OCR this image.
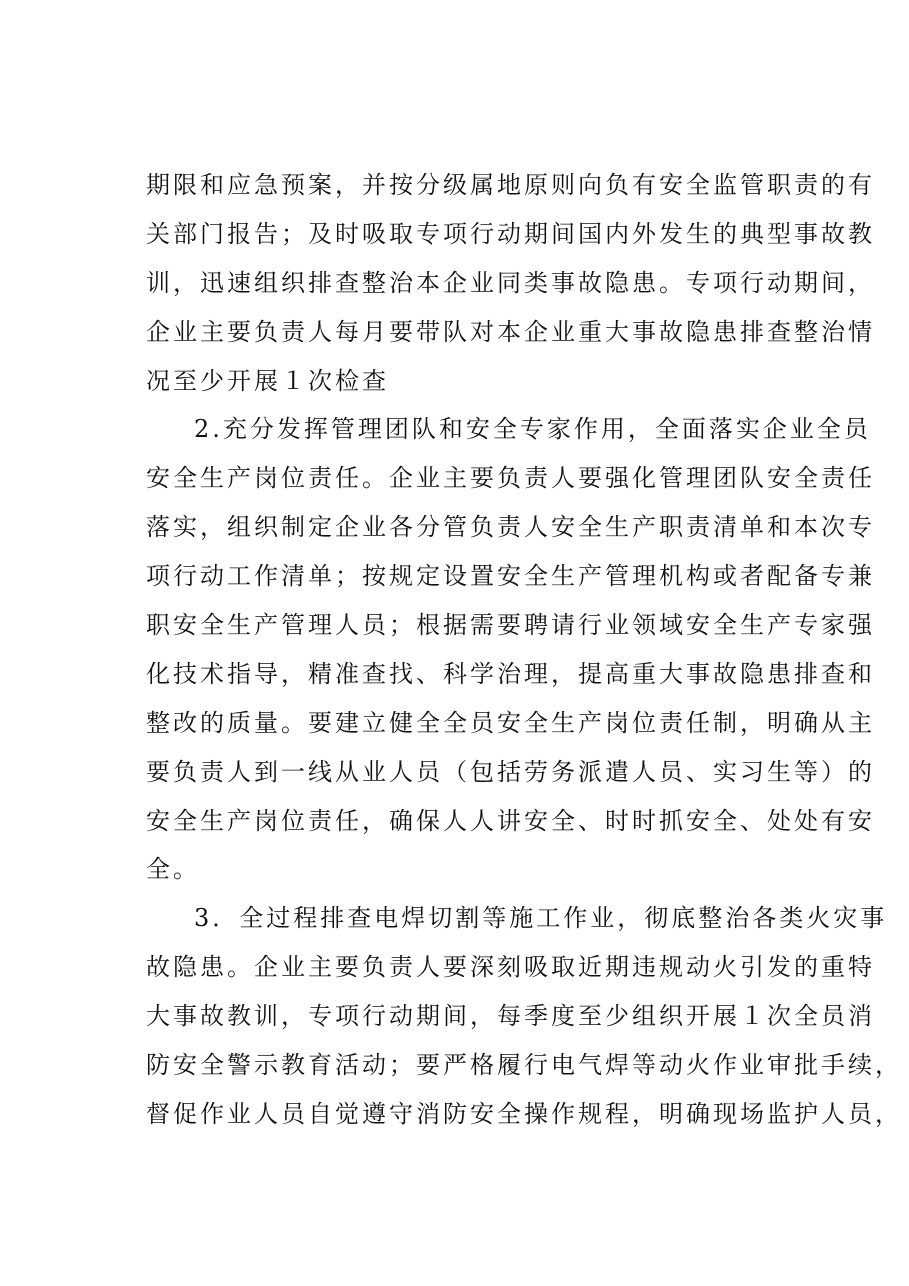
期限和应急预案，并按分级属地原则向负有安全监管职责的有
关部门报告；及时吸取专项行动期间国内外发生的典型事故教
训，迅速组织排查整治本企业同类事故隐患。专项行动期间，
企业主要负责人每月要带队对本企业重大事故隐患排查整治情
况至少开展１次检查
2.充分发挥管理团队和安全专家作用，全面落实企业全员
安全生产岗位责任。企业主要负责人要强化管理团队安全责任
落实，组织制定企业各分管负责人安全生产职责清单和本次专
项行动工作清单；按规定设置安全生产管理机构或者配备专兼
职安全生产管理人员；根据需要聘请行业领域安全生产专家强
化技术指导，精准查找、科学治理，提高重大事故隐患排查和
整改的质量。要建立健全全员安全生产岗位责任制，明确从主
要负责人到一线从业人员（包括劳务派遣人员、实习生等）的
安全生产岗位责任，确保人人讲安全、时时抓安全、处处有安
全。
3．全过程排查电焊切割等施工作业，彻底整治各类火灾事
故隐患。企业主要负责人要深刻吸取近期违规动火引发的重特
大事故教训，专项行动期间，每季度至少组织开展１次全员消
防安全警示教育活动；要严格履行电气焊等动火作业审批手续，
督促作业人员自觉遵守消防安全操作规程，明确现场监护人员，
